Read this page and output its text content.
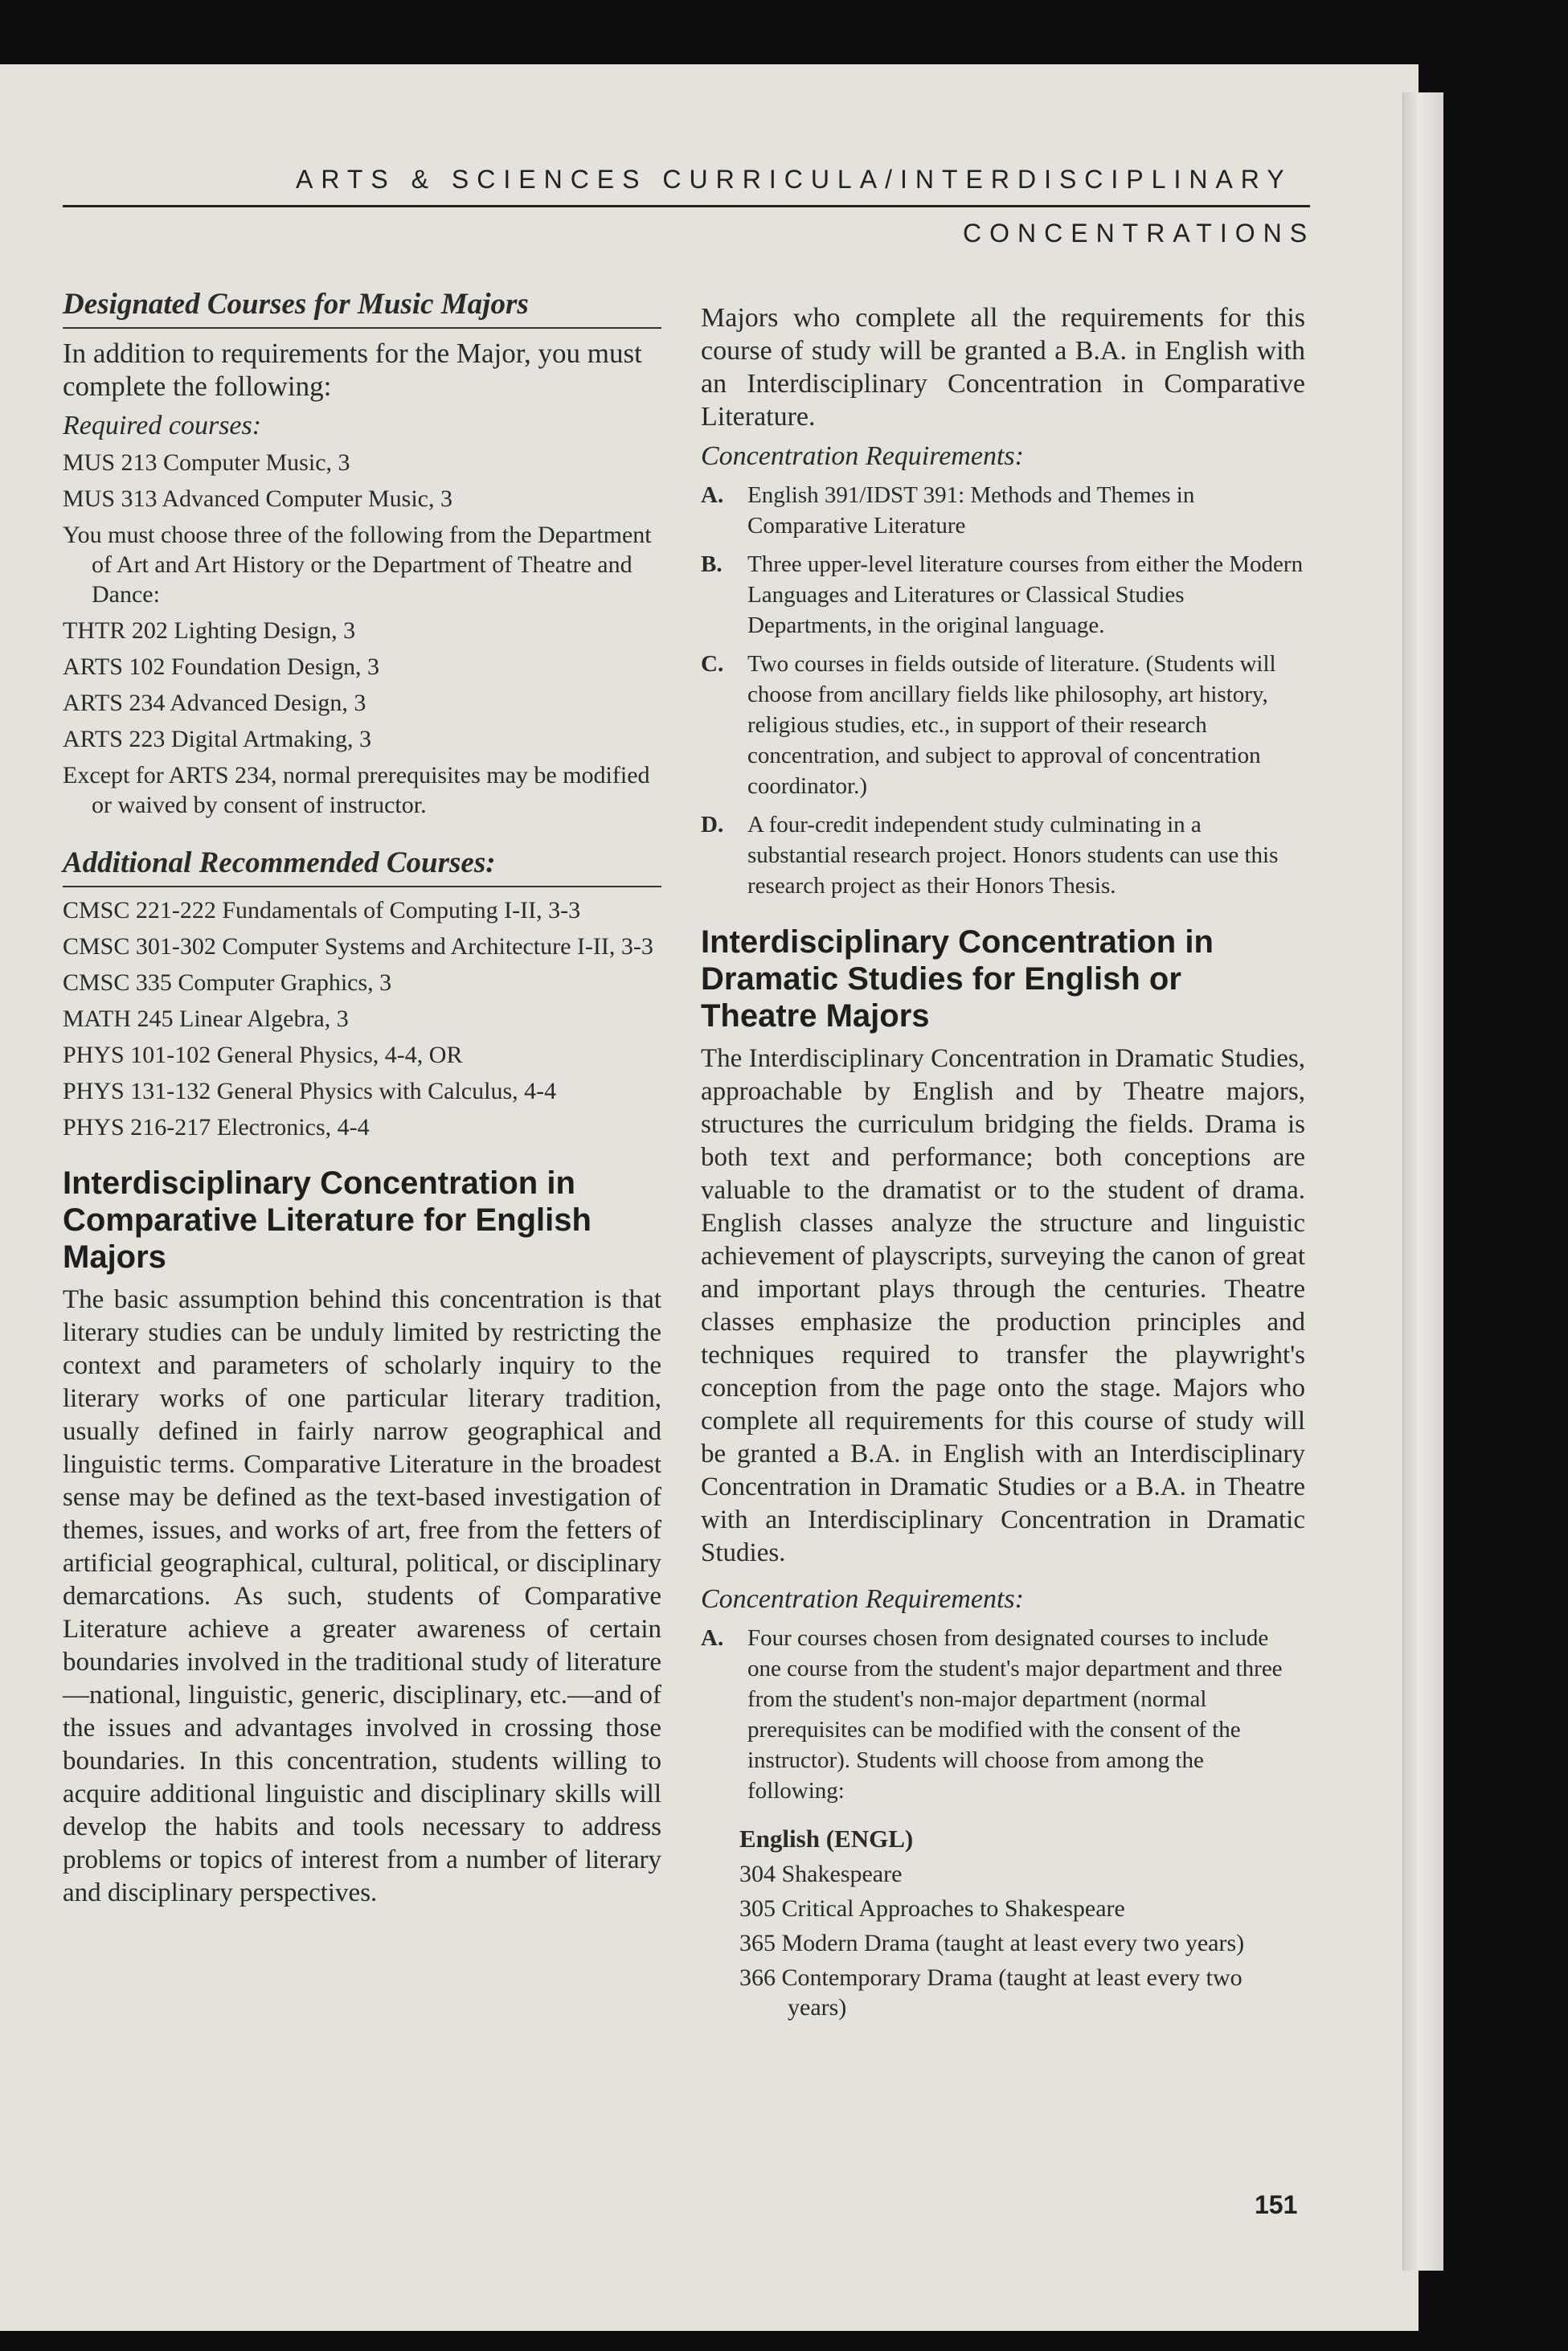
ARTS & SCIENCES CURRICULA/INTERDISCIPLINARY
CONCENTRATIONS
Designated Courses for Music Majors

In addition to requirements for the Major, you must complete the following:

Required courses:
MUS 213 Computer Music, 3
MUS 313 Advanced Computer Music, 3
You must choose three of the following from the Department of Art and Art History or the Department of Theatre and Dance:
THTR 202 Lighting Design, 3
ARTS 102 Foundation Design, 3
ARTS 234 Advanced Design, 3
ARTS 223 Digital Artmaking, 3
Except for ARTS 234, normal prerequisites may be modified or waived by consent of instructor.
Additional Recommended Courses:
CMSC 221-222 Fundamentals of Computing I-II, 3-3
CMSC 301-302 Computer Systems and Architecture I-II, 3-3
CMSC 335 Computer Graphics, 3
MATH 245 Linear Algebra, 3
PHYS 101-102 General Physics, 4-4, OR
PHYS 131-132 General Physics with Calculus, 4-4
PHYS 216-217 Electronics, 4-4
Interdisciplinary Concentration in Comparative Literature for English Majors

The basic assumption behind this concentration is that literary studies can be unduly limited by restricting the context and parameters of scholarly inquiry to the literary works of one particular literary tradition, usually defined in fairly narrow geographical and linguistic terms. Comparative Literature in the broadest sense may be defined as the text-based investigation of themes, issues, and works of art, free from the fetters of artificial geographical, cultural, political, or disciplinary demarcations. As such, students of Comparative Literature achieve a greater awareness of certain boundaries involved in the traditional study of literature—national, linguistic, generic, disciplinary, etc.—and of the issues and advantages involved in crossing those boundaries. In this concentration, students willing to acquire additional linguistic and disciplinary skills will develop the habits and tools necessary to address problems or topics of interest from a number of literary and disciplinary perspectives.

Majors who complete all the requirements for this course of study will be granted a B.A. in English with an Interdisciplinary Concentration in Comparative Literature.

Concentration Requirements:
A.	English 391/IDST 391: Methods and Themes in Comparative Literature
B.	Three upper-level literature courses from either the Modern Languages and Literatures or Classical Studies Departments, in the original language.
C.	Two courses in fields outside of literature. (Students will choose from ancillary fields like philosophy, art history, religious studies, etc., in support of their research concentration, and subject to approval of concentration coordinator.)
D.	A four-credit independent study culminating in a substantial research project. Honors students can use this research project as their Honors Thesis.
Interdisciplinary Concentration in Dramatic Studies for English or Theatre Majors

The Interdisciplinary Concentration in Dramatic Studies, approachable by English and by Theatre majors, structures the curriculum bridging the fields. Drama is both text and performance; both conceptions are valuable to the dramatist or to the student of drama. English classes analyze the structure and linguistic achievement of playscripts, surveying the canon of great and important plays through the centuries. Theatre classes emphasize the production principles and techniques required to transfer the playwright's conception from the page onto the stage. Majors who complete all requirements for this course of study will be granted a B.A. in English with an Interdisciplinary Concentration in Dramatic Studies or a B.A. in Theatre with an Interdisciplinary Concentration in Dramatic Studies.

Concentration Requirements:
A.	Four courses chosen from designated courses to include one course from the student's major department and three from the student's non-major department (normal prerequisites can be modified with the consent of the instructor). Students will choose from among the following:
English (ENGL)
304 Shakespeare
305 Critical Approaches to Shakespeare
365 Modern Drama (taught at least every two years)
366 Contemporary Drama (taught at least every two years)
151
